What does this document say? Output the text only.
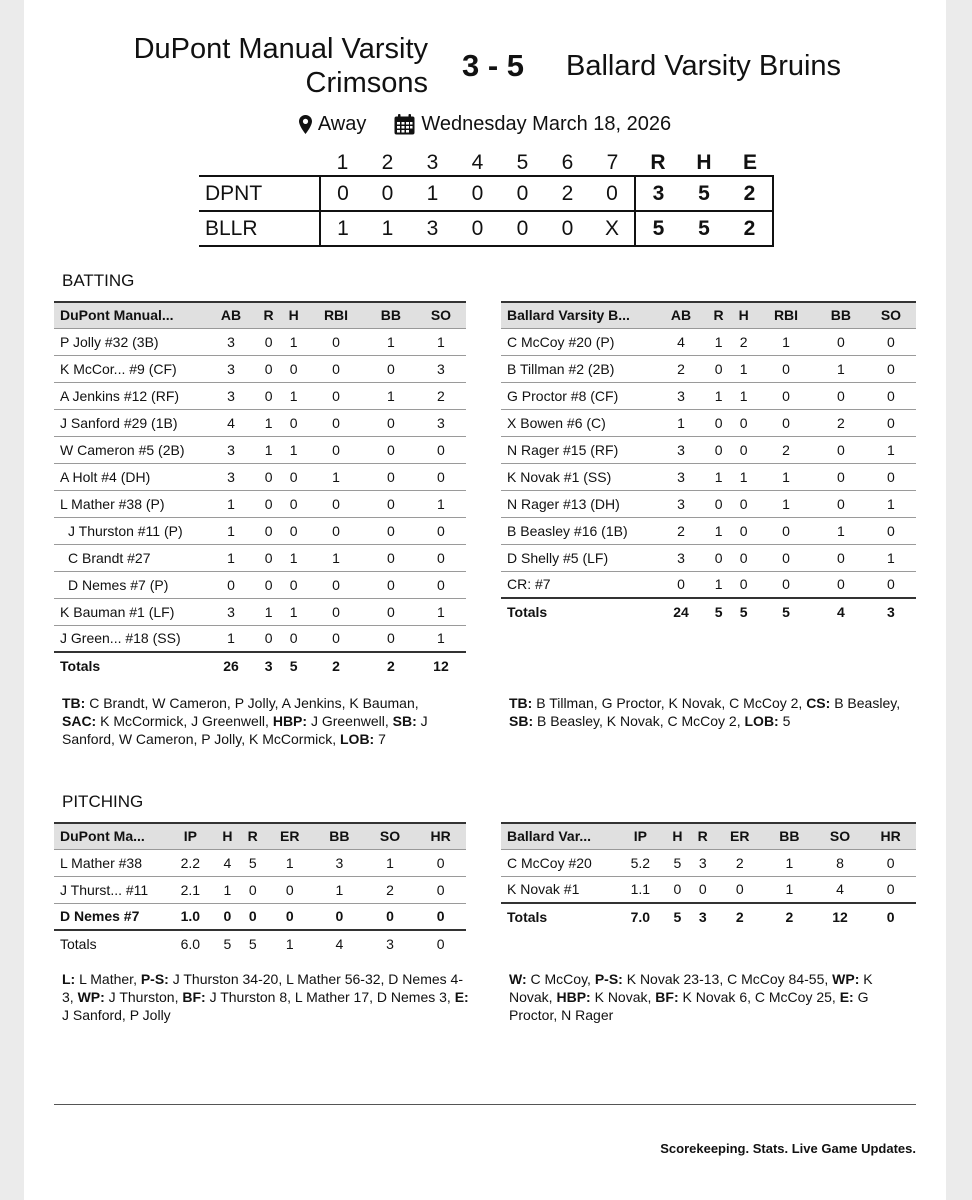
DuPont Manual Varsity
Crimsons 3 - 5 Ballard Varsity Bruins
Away	Wednesday March 18, 2026
	1	2	3	4	5	6	7	R	H	E
DPNT	0	0	1	0	0	2	0	3	5	2
BLLR	1	1	3	0	0	0	X	5	5	2
BATTING
DuPont Manual...	AB	R	H	RBI	BB	SO
P Jolly #32 (3B)	3	0	1	0	1	1
K McCor... #9 (CF)	3	0	0	0	0	3
A Jenkins #12 (RF)	3	0	1	0	1	2
J Sanford #29 (1B)	4	1	0	0	0	3
W Cameron #5 (2B)	3	1	1	0	0	0
A Holt #4 (DH)	3	0	0	1	0	0
L Mather #38 (P)	1	0	0	0	0	1
J Thurston #11 (P)	1	0	0	0	0	0
C Brandt #27	1	0	1	1	0	0
D Nemes #7 (P)	0	0	0	0	0	0
K Bauman #1 (LF)	3	1	1	0	0	1
J Green... #18 (SS)	1	0	0	0	0	1
Totals	26	3	5	2	2	12
Ballard Varsity B...	AB	R	H	RBI	BB	SO
C McCoy #20 (P)	4	1	2	1	0	0
B Tillman #2 (2B)	2	0	1	0	1	0
G Proctor #8 (CF)	3	1	1	0	0	0
X Bowen #6 (C)	1	0	0	0	2	0
N Rager #15 (RF)	3	0	0	2	0	1
K Novak #1 (SS)	3	1	1	1	0	0
N Rager #13 (DH)	3	0	0	1	0	1
B Beasley #16 (1B)	2	1	0	0	1	0
D Shelly #5 (LF)	3	0	0	0	0	1
CR: #7	0	1	0	0	0	0
Totals	24	5	5	5	4	3
TB: C Brandt, W Cameron, P Jolly, A Jenkins, K Bauman, SAC: K McCormick, J Greenwell, HBP: J Greenwell, SB: J Sanford, W Cameron, P Jolly, K McCormick, LOB: 7
TB: B Tillman, G Proctor, K Novak, C McCoy 2, CS: B Beasley, SB: B Beasley, K Novak, C McCoy 2, LOB: 5
PITCHING
DuPont Ma...	IP	H	R	ER	BB	SO	HR
L Mather #38	2.2	4	5	1	3	1	0
J Thurst... #11	2.1	1	0	0	1	2	0
D Nemes #7	1.0	0	0	0	0	0	0
Totals	6.0	5	5	1	4	3	0
Ballard Var...	IP	H	R	ER	BB	SO	HR
C McCoy #20	5.2	5	3	2	1	8	0
K Novak #1	1.1	0	0	0	1	4	0
Totals	7.0	5	3	2	2	12	0
L: L Mather, P-S: J Thurston 34-20, L Mather 56-32, D Nemes 4-3, WP: J Thurston, BF: J Thurston 8, L Mather 17, D Nemes 3, E: J Sanford, P Jolly
W: C McCoy, P-S: K Novak 23-13, C McCoy 84-55, WP: K Novak, HBP: K Novak, BF: K Novak 6, C McCoy 25, E: G Proctor, N Rager
Scorekeeping. Stats. Live Game Updates.
